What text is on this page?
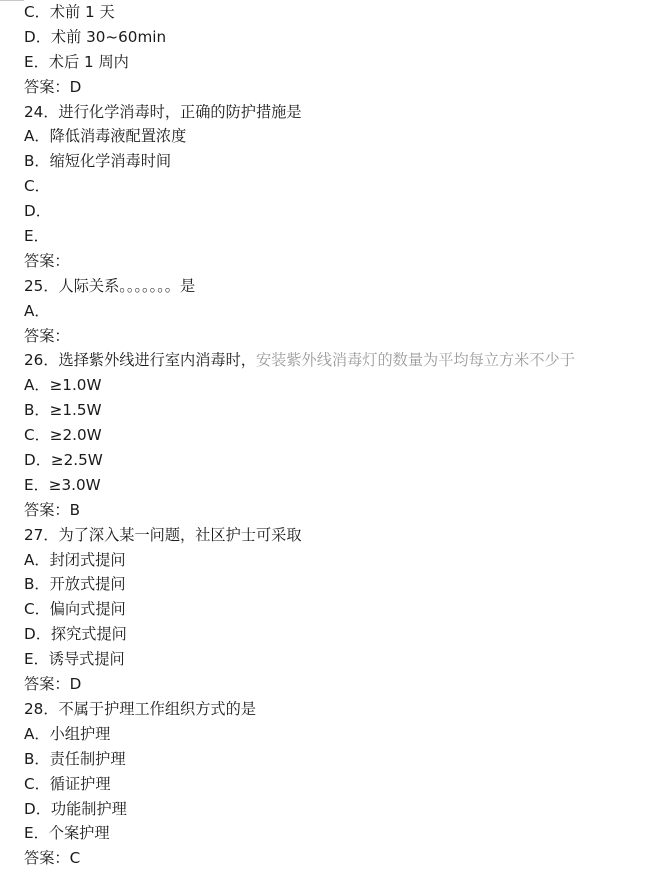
C．术前 1 天
D．术前 30~60min
E．术后 1 周内
答案：D
24．进行化学消毒时，正确的防护措施是
A．降低消毒液配置浓度
B．缩短化学消毒时间
C．
D．
E．
答案：
25．人际关系。。。。。。。是
A．
答案：
26．选择紫外线进行室内消毒时，安装紫外线消毒灯的数量为平均每立方米不少于
A．≥1.0W
B．≥1.5W
C．≥2.0W
D．≥2.5W
E．≥3.0W
答案：B
27．为了深入某一问题，社区护士可采取
A．封闭式提问
B．开放式提问
C．偏向式提问
D．探究式提问
E．诱导式提问
答案：D
28．不属于护理工作组织方式的是
A．小组护理
B．责任制护理
C．循证护理
D．功能制护理
E．个案护理
答案：C
